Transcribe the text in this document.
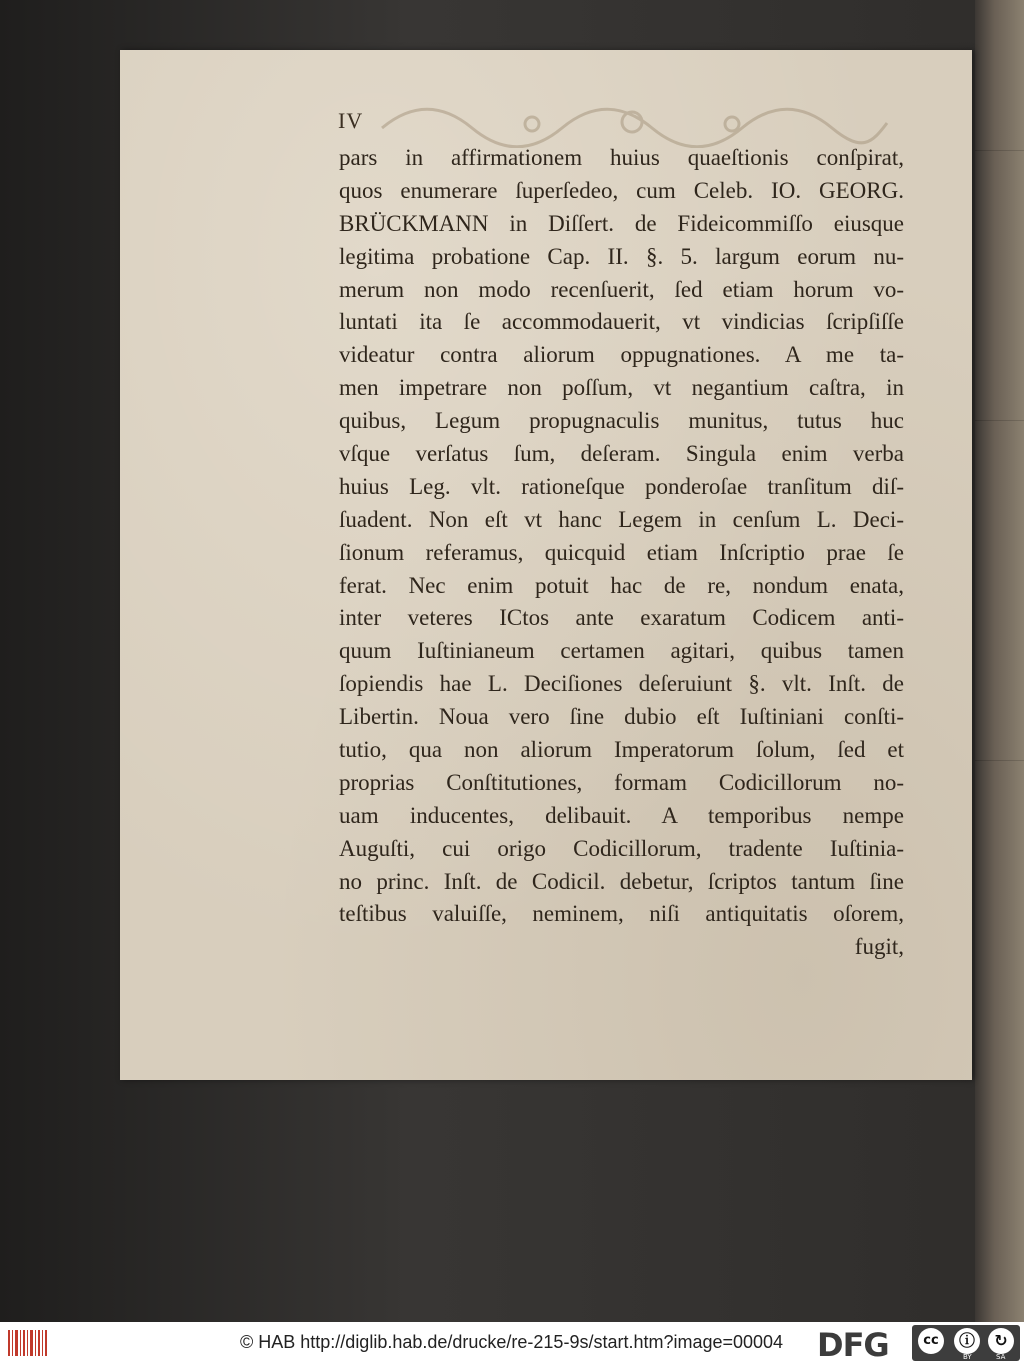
IV
pars in affirmationem huius quaeſtionis conſpirat,
quos enumerare ſuperſedeo, cum Celeb. IO. GEORG.
BRÜCKMANN in Diſſert. de Fideicommiſſo eiusque
legitima probatione Cap. II. §. 5. largum eorum nu-
merum non modo recenſuerit, ſed etiam horum vo-
luntati ita ſe accommodauerit, vt vindicias ſcripſiſſe
videatur contra aliorum oppugnationes. A me ta-
men impetrare non poſſum, vt negantium caſtra, in
quibus, Legum propugnaculis munitus, tutus huc
vſque verſatus ſum, deſeram. Singula enim verba
huius Leg. vlt. rationeſque ponderoſae tranſitum diſ-
ſuadent. Non eſt vt hanc Legem in cenſum L. Deci-
ſionum referamus, quicquid etiam Inſcriptio prae ſe
ferat. Nec enim potuit hac de re, nondum enata,
inter veteres ICtos ante exaratum Codicem anti-
quum Iuſtinianeum certamen agitari, quibus tamen
ſopiendis hae L. Deciſiones deſeruiunt §. vlt. Inſt. de
Libertin. Noua vero ſine dubio eſt Iuſtiniani conſti-
tutio, qua non aliorum Imperatorum ſolum, ſed et
proprias Conſtitutiones, formam Codicillorum no-
uam inducentes, delibauit. A temporibus nempe
Auguſti, cui origo Codicillorum, tradente Iuſtinia-
no princ. Inſt. de Codicil. debetur, ſcriptos tantum ſine
teſtibus valuiſſe, neminem, niſi antiquitatis oſorem,
fugit,
© HAB http://diglib.hab.de/drucke/re-215-9s/start.htm?image=00004 DFG	cc	ⓘ	↻
BY	SA
